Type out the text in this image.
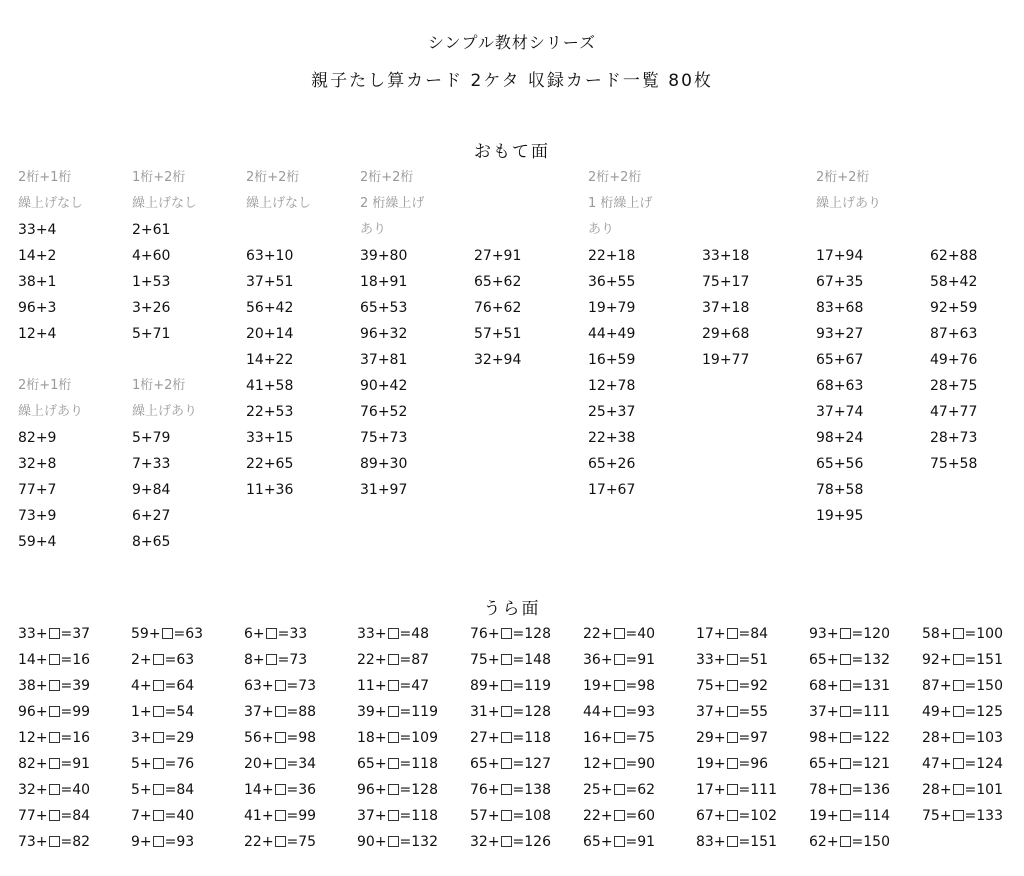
シンプル教材シリーズ
親子たし算カード 2ケタ 収録カード一覧 80枚
おもて面
2桁+1桁
繰上げなし
33+4
14+2
38+1
96+3
12+4
2桁+1桁
繰上げあり
82+9
32+8
77+7
73+9
59+4
1桁+2桁
繰上げなし
2+61
4+60
1+53
3+26
5+71
1桁+2桁
繰上げあり
5+79
7+33
9+84
6+27
8+65
2桁+2桁
繰上げなし
63+10
37+51
56+42
20+14
14+22
41+58
22+53
33+15
22+65
11+36
2桁+2桁
2 桁繰上げ
あり
39+80
18+91
65+53
96+32
37+81
90+42
76+52
75+73
89+30
31+97
27+91
65+62
76+62
57+51
32+94
2桁+2桁
1 桁繰上げ
あり
22+18
36+55
19+79
44+49
16+59
12+78
25+37
22+38
65+26
17+67
33+18
75+17
37+18
29+68
19+77
2桁+2桁
繰上げあり
17+94
67+35
83+68
93+27
65+67
68+63
37+74
98+24
65+56
78+58
19+95
62+88
58+42
92+59
87+63
49+76
28+75
47+77
28+73
75+58
うら面
33+ =37
14+ =16
38+ =39
96+ =99
12+ =16
82+ =91
32+ =40
77+ =84
73+ =82
59+ =63
2+ =63
4+ =64
1+ =54
3+ =29
5+ =76
5+ =84
7+ =40
9+ =93
6+ =33
8+ =73
63+ =73
37+ =88
56+ =98
20+ =34
14+ =36
41+ =99
22+ =75
33+ =48
22+ =87
11+ =47
39+ =119
18+ =109
65+ =118
96+ =128
37+ =118
90+ =132
76+ =128
75+ =148
89+ =119
31+ =128
27+ =118
65+ =127
76+ =138
57+ =108
32+ =126
22+ =40
36+ =91
19+ =98
44+ =93
16+ =75
12+ =90
25+ =62
22+ =60
65+ =91
17+ =84
33+ =51
75+ =92
37+ =55
29+ =97
19+ =96
17+ =111
67+ =102
83+ =151
93+ =120
65+ =132
68+ =131
37+ =111
98+ =122
65+ =121
78+ =136
19+ =114
62+ =150
58+ =100
92+ =151
87+ =150
49+ =125
28+ =103
47+ =124
28+ =101
75+ =133
